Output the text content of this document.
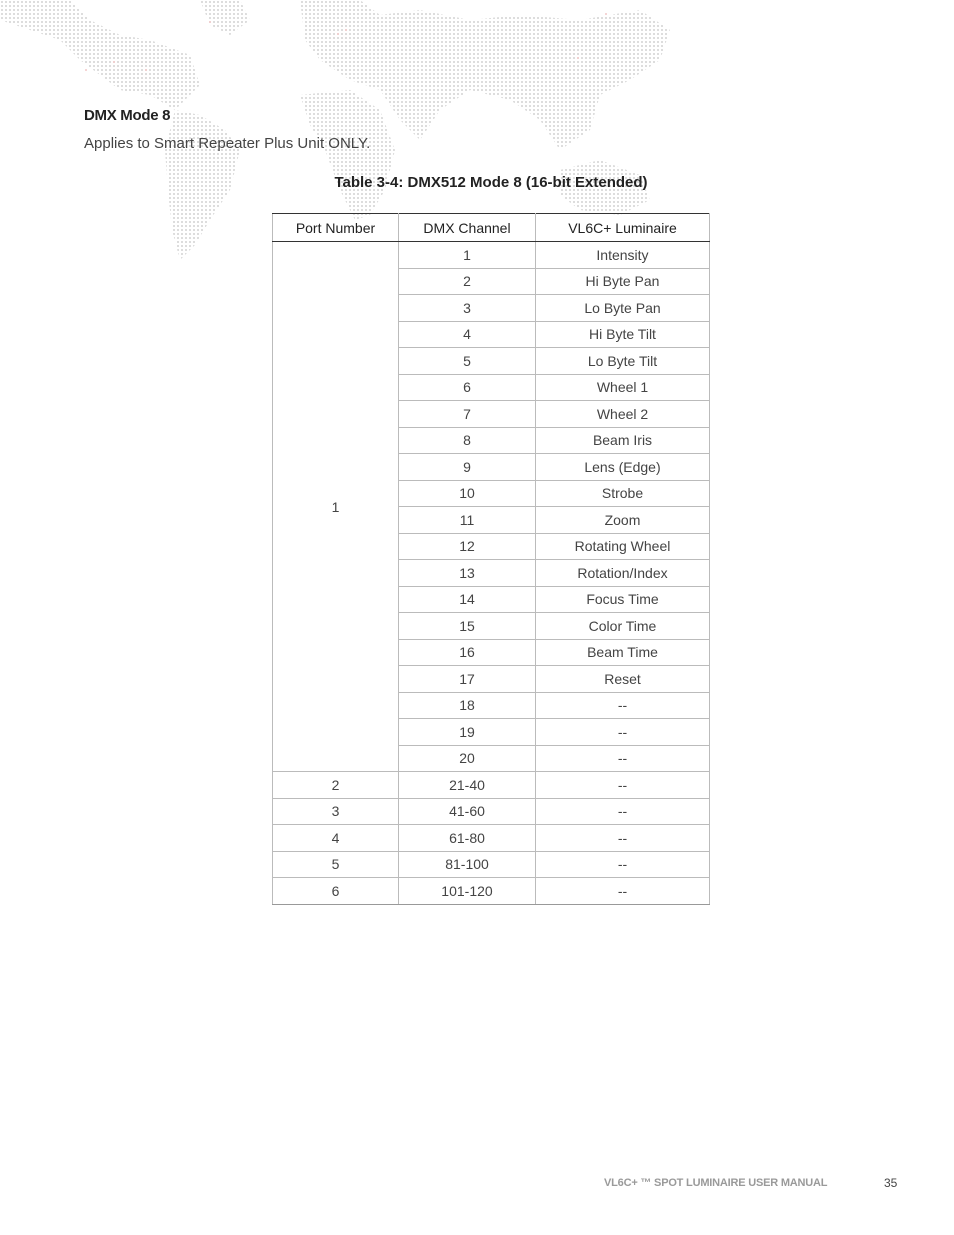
DMX Mode 8
Applies to Smart Repeater Plus Unit ONLY.
Table 3-4: DMX512 Mode 8 (16-bit Extended)
Port Number	DMX Channel	VL6C+ Luminaire
1	1	Intensity
	2	Hi Byte Pan
	3	Lo Byte Pan
	4	Hi Byte Tilt
	5	Lo Byte Tilt
	6	Wheel 1
	7	Wheel 2
	8	Beam Iris
	9	Lens (Edge)
	10	Strobe
	11	Zoom
	12	Rotating Wheel
	13	Rotation/Index
	14	Focus Time
	15	Color Time
	16	Beam Time
	17	Reset
	18	--
	19	--
	20	--
2	21-40	--
3	41-60	--
4	61-80	--
5	81-100	--
6	101-120	--
VL6C+ ™ SPOT LUMINAIRE USER MANUAL	35
